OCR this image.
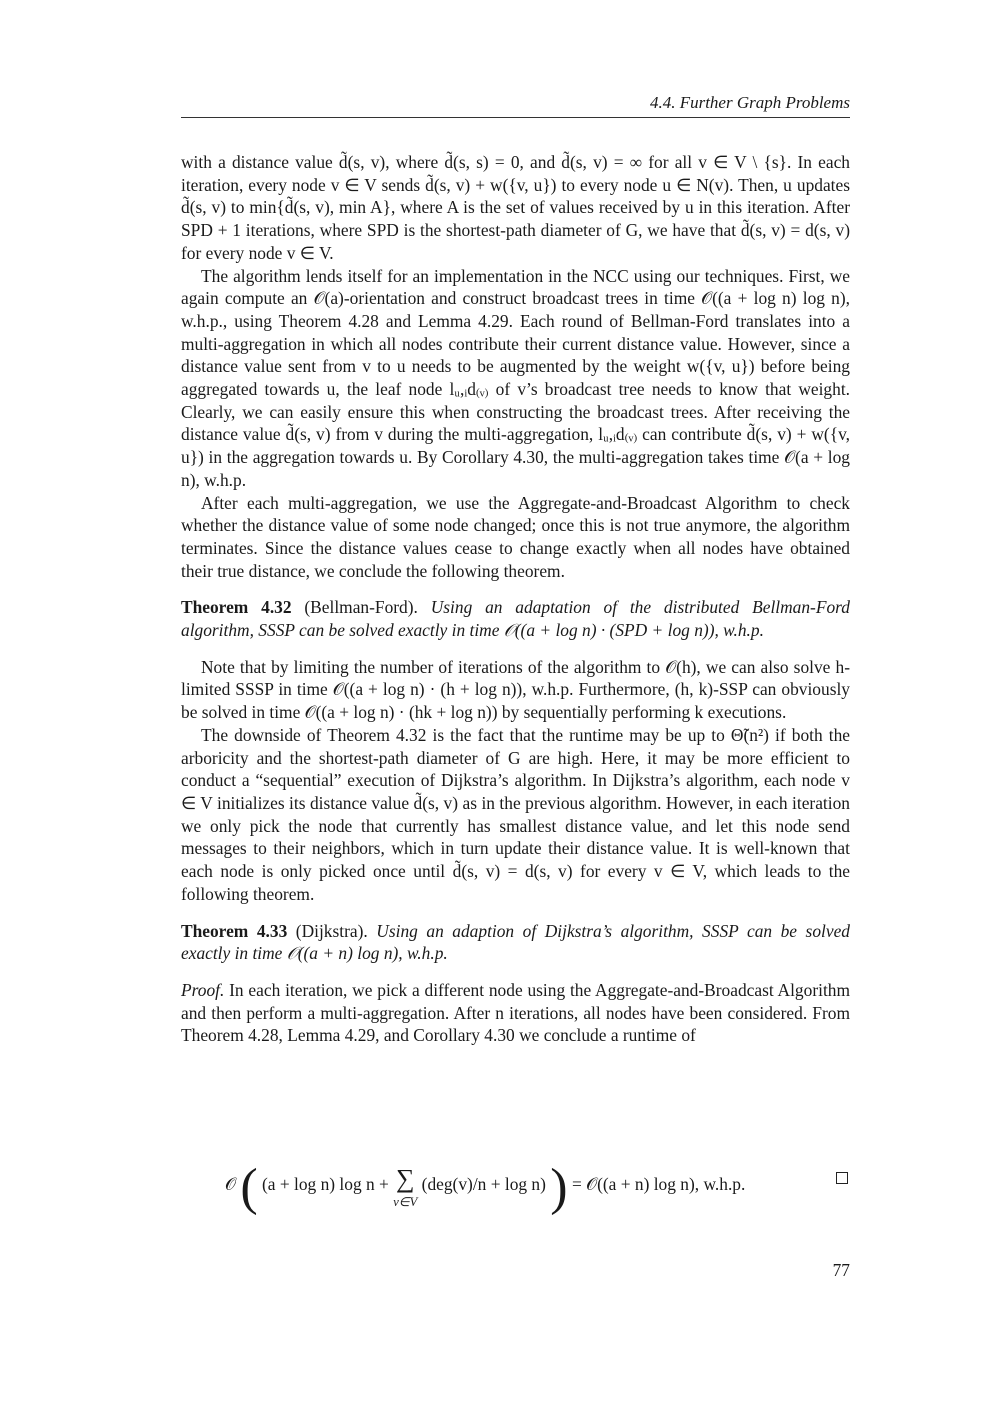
4.4. Further Graph Problems

with a distance value d̃(s, v), where d̃(s, s) = 0, and d̃(s, v) = ∞ for all v ∈ V \ {s}. In each iteration, every node v ∈ V sends d̃(s, v) + w({v, u}) to every node u ∈ N(v). Then, u updates d̃(s, v) to min{d̃(s, v), min A}, where A is the set of values received by u in this iteration. After SPD + 1 iterations, where SPD is the shortest-path diameter of G, we have that d̃(s, v) = d(s, v) for every node v ∈ V.

The algorithm lends itself for an implementation in the NCC using our techniques. First, we again compute an 𝒪(a)-orientation and construct broadcast trees in time 𝒪((a + log n) log n), w.h.p., using Theorem 4.28 and Lemma 4.29. Each round of Bellman-Ford translates into a multi-aggregation in which all nodes contribute their current distance value. However, since a distance value sent from v to u needs to be augmented by the weight w({v, u}) before being aggregated towards u, the leaf node lᵤ,ᵢd₍ᵥ₎ of v’s broadcast tree needs to know that weight. Clearly, we can easily ensure this when constructing the broadcast trees. After receiving the distance value d̃(s, v) from v during the multi-aggregation, lᵤ,ᵢd₍ᵥ₎ can contribute d̃(s, v) + w({v, u}) in the aggregation towards u. By Corollary 4.30, the multi-aggregation takes time 𝒪(a + log n), w.h.p.

After each multi-aggregation, we use the Aggregate-and-Broadcast Algorithm to check whether the distance value of some node changed; once this is not true anymore, the algorithm terminates. Since the distance values cease to change exactly when all nodes have obtained their true distance, we conclude the following theorem.

Theorem 4.32 (Bellman-Ford). Using an adaptation of the distributed Bellman-Ford algorithm, SSSP can be solved exactly in time 𝒪((a + log n) · (SPD + log n)), w.h.p.

Note that by limiting the number of iterations of the algorithm to 𝒪(h), we can also solve h-limited SSSP in time 𝒪((a + log n) · (h + log n)), w.h.p. Furthermore, (h, k)-SSP can obviously be solved in time 𝒪((a + log n) · (hk + log n)) by sequentially performing k executions.

The downside of Theorem 4.32 is the fact that the runtime may be up to Θ̃(n²) if both the arboricity and the shortest-path diameter of G are high. Here, it may be more efficient to conduct a “sequential” execution of Dijkstra’s algorithm. In Dijkstra’s algorithm, each node v ∈ V initializes its distance value d̃(s, v) as in the previous algorithm. However, in each iteration we only pick the node that currently has smallest distance value, and let this node send messages to their neighbors, which in turn update their distance value. It is well-known that each node is only picked once until d̃(s, v) = d(s, v) for every v ∈ V, which leads to the following theorem.

Theorem 4.33 (Dijkstra). Using an adaption of Dijkstra’s algorithm, SSSP can be solved exactly in time 𝒪((a + n) log n), w.h.p.

Proof. In each iteration, we pick a different node using the Aggregate-and-Broadcast Algorithm and then perform a multi-aggregation. After n iterations, all nodes have been considered. From Theorem 4.28, Lemma 4.29, and Corollary 4.30 we conclude a runtime of

𝒪 ( (a + log n) log n + ∑
v∈V
(deg(v)/n + log n) ) = 𝒪((a + n) log n), w.h.p.
77
